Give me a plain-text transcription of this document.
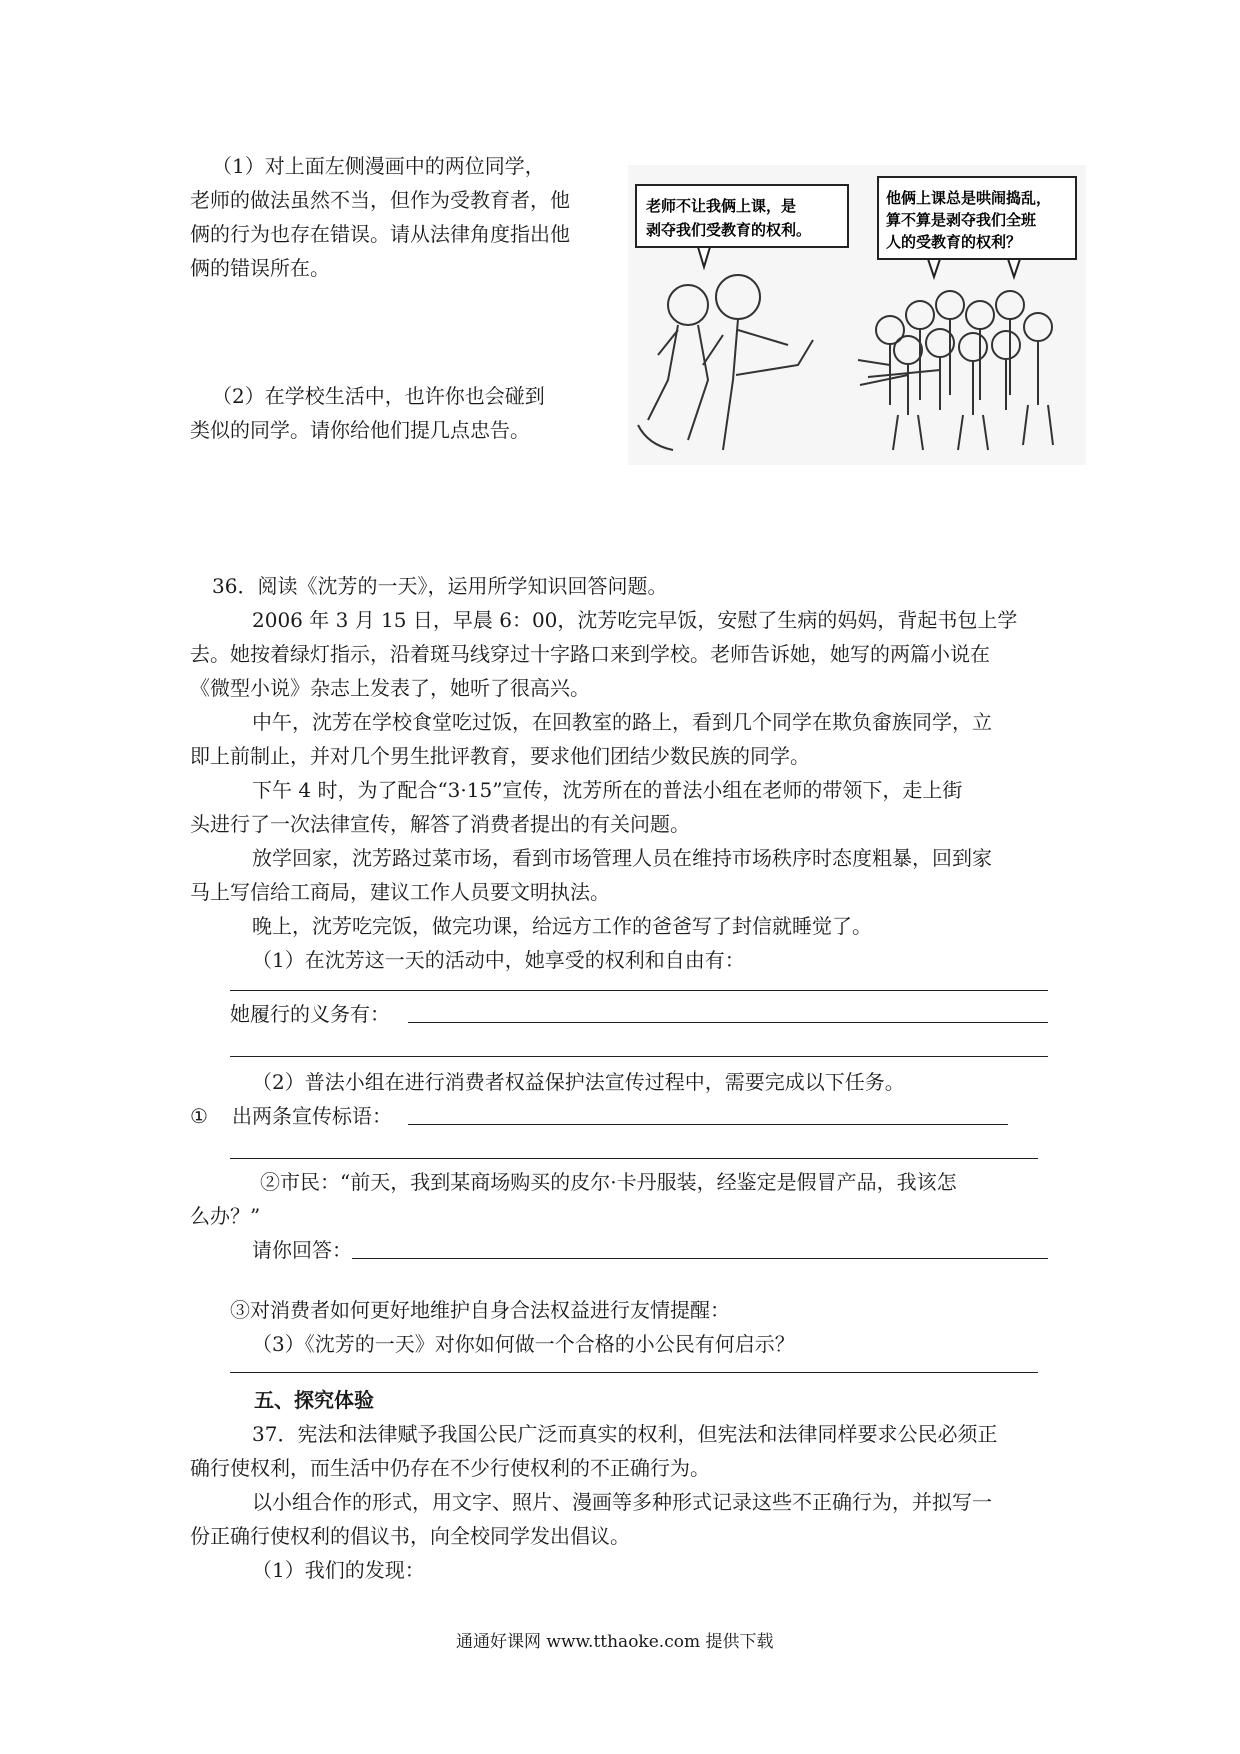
（1）对上面左侧漫画中的两位同学，
老师的做法虽然不当，但作为受教育者，他
俩的行为也存在错误。请从法律角度指出他
俩的错误所在。
（2）在学校生活中，也许你也会碰到
类似的同学。请你给他们提几点忠告。
老师不让我俩上课，是
剥夺我们受教育的权利。
他俩上课总是哄闹捣乱，
算不算是剥夺我们全班
人的受教育的权利？
36．阅读《沈芳的一天》，运用所学知识回答问题。
2006 年 3 月 15 日，早晨 6：00，沈芳吃完早饭，安慰了生病的妈妈，背起书包上学
去。她按着绿灯指示，沿着斑马线穿过十字路口来到学校。老师告诉她，她写的两篇小说在
《微型小说》杂志上发表了，她听了很高兴。
中午，沈芳在学校食堂吃过饭，在回教室的路上，看到几个同学在欺负畲族同学，立
即上前制止，并对几个男生批评教育，要求他们团结少数民族的同学。
下午 4 时，为了配合“3·15”宣传，沈芳所在的普法小组在老师的带领下，走上街
头进行了一次法律宣传，解答了消费者提出的有关问题。
放学回家，沈芳路过菜市场，看到市场管理人员在维持市场秩序时态度粗暴，回到家
马上写信给工商局，建议工作人员要文明执法。
晚上，沈芳吃完饭，做完功课，给远方工作的爸爸写了封信就睡觉了。
（1）在沈芳这一天的活动中，她享受的权利和自由有：
她履行的义务有：
（2）普法小组在进行消费者权益保护法宣传过程中，需要完成以下任务。
① 出两条宣传标语：
②市民：“前天，我到某商场购买的皮尔·卡丹服装，经鉴定是假冒产品，我该怎
么办？”
请你回答：
③对消费者如何更好地维护自身合法权益进行友情提醒：
（3）《沈芳的一天》对你如何做一个合格的小公民有何启示？
五、探究体验
37．宪法和法律赋予我国公民广泛而真实的权利，但宪法和法律同样要求公民必须正
确行使权利，而生活中仍存在不少行使权利的不正确行为。
以小组合作的形式，用文字、照片、漫画等多种形式记录这些不正确行为，并拟写一
份正确行使权利的倡议书，向全校同学发出倡议。
（1）我们的发现：
通通好课网 www.tthaoke.com 提供下载
